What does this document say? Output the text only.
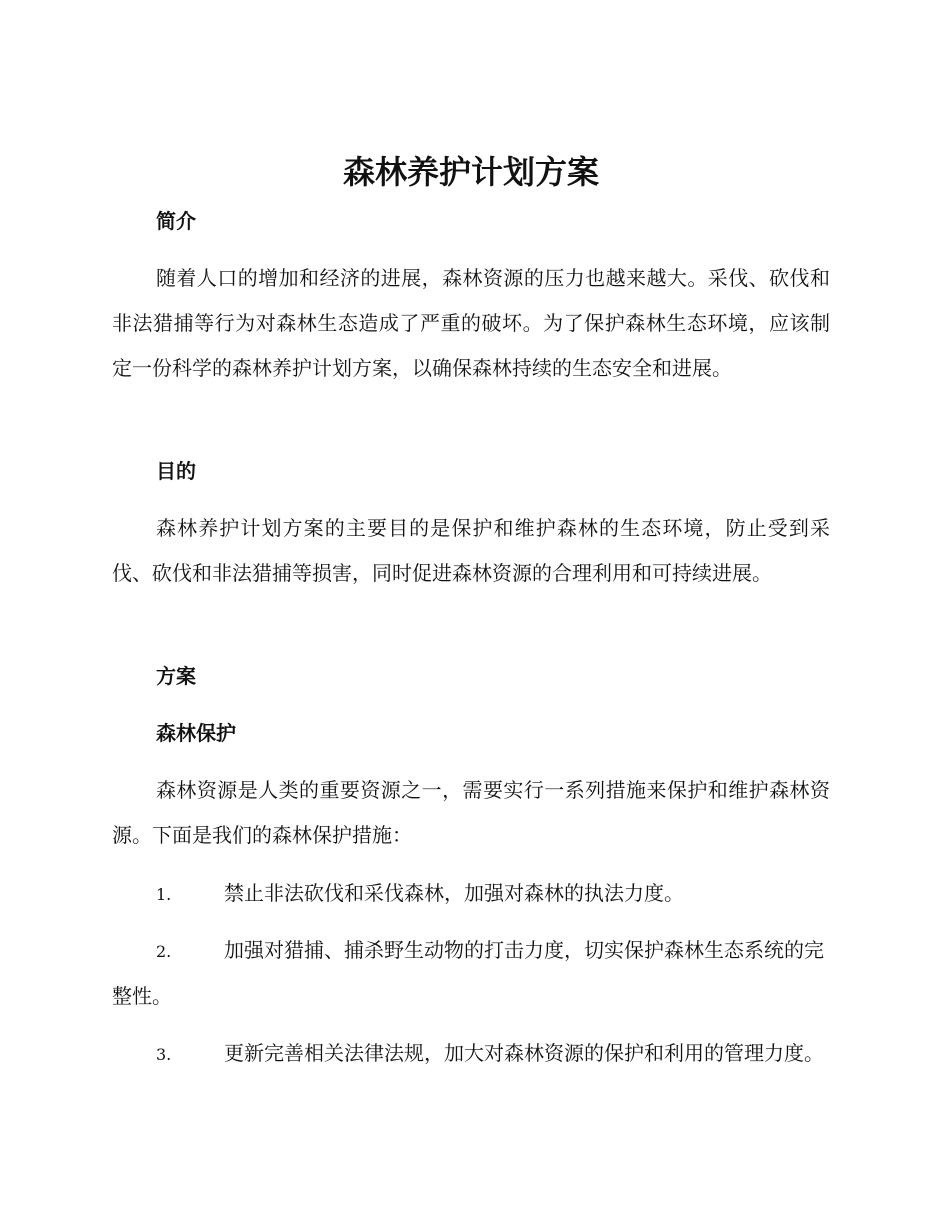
森林养护计划方案
简介

随着人口的增加和经济的进展，森林资源的压力也越来越大。采伐、砍伐和非法猎捕等行为对森林生态造成了严重的破坏。为了保护森林生态环境，应该制定一份科学的森林养护计划方案，以确保森林持续的生态安全和进展。

目的

森林养护计划方案的主要目的是保护和维护森林的生态环境，防止受到采伐、砍伐和非法猎捕等损害，同时促进森林资源的合理利用和可持续进展。

方案
森林保护

森林资源是人类的重要资源之一，需要实行一系列措施来保护和维护森林资源。下面是我们的森林保护措施：

1.	禁止非法砍伐和采伐森林，加强对森林的执法力度。

2.	加强对猎捕、捕杀野生动物的打击力度，切实保护森林生态系统的完整性。

3.	更新完善相关法律法规，加大对森林资源的保护和利用的管理力度。
